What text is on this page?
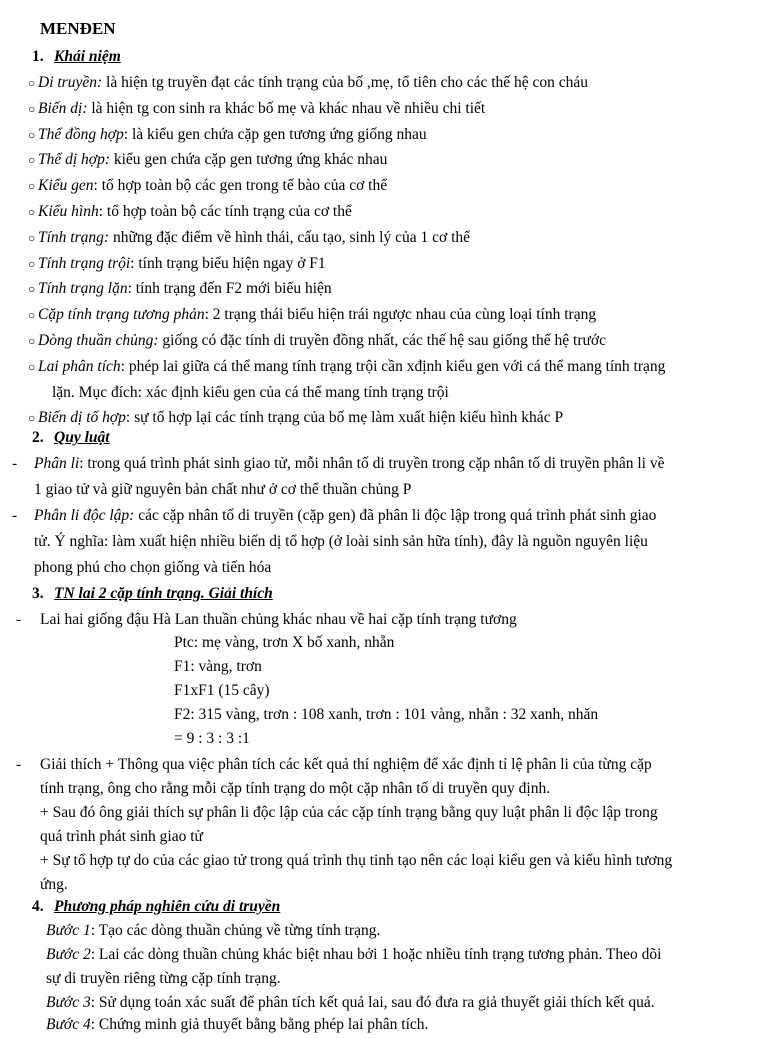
MENĐEN
1. Khái niệm
○ Di truyền: là hiện tg truyền đạt các tính trạng của bố ,mẹ, tổ tiên cho các thế hệ con cháu
○ Biến dị: là hiện tg con sinh ra khác bố mẹ và khác nhau về nhiều chi tiết
○ Thể đồng hợp: là kiểu gen chứa cặp gen tương ứng giống nhau
○ Thể dị hợp: kiểu gen chứa cặp gen tương ứng khác nhau
○ Kiểu gen: tổ hợp toàn bộ các gen trong tế bào của cơ thể
○ Kiểu hình: tổ hợp toàn bộ các tính trạng của cơ thể
○ Tính trạng: những đặc điểm về hình thái, cấu tạo, sinh lý của 1 cơ thể
○ Tính trạng trội: tính trạng biểu hiện ngay ở F1
○ Tính trạng lặn: tính trạng đến F2 mới biểu hiện
○ Cặp tính trạng tương phản: 2 trạng thái biểu hiện trái ngược nhau của cùng loại tính trạng
○ Dòng thuần chủng: giống có đặc tính di truyền đồng nhất, các thế hệ sau giống thế hệ trước
○ Lai phân tích: phép lai giữa cá thể mang tính trạng trội cần xđịnh kiểu gen với cá thể mang tính trạng
lặn. Mục đích: xác định kiểu gen của cá thể mang tính trạng trội
○ Biến dị tổ hợp: sự tổ hợp lại các tính trạng của bố mẹ làm xuất hiện kiểu hình khác P
2. Quy luật
- Phân li: trong quá trình phát sinh giao tử, mỗi nhân tố di truyền trong cặp nhân tố di truyền phân li về
1 giao tử và giữ nguyên bản chất như ở cơ thể thuần chủng P
- Phân li độc lập: các cặp nhân tố di truyền (cặp gen) đã phân li độc lập trong quá trình phát sinh giao
tử. Ý nghĩa: làm xuất hiện nhiều biến dị tổ hợp (ở loài sinh sản hữa tính), đây là nguồn nguyên liệu
phong phú cho chọn giống và tiến hóa
3. TN lai 2 cặp tính trạng. Giải thích
- Lai hai giống đậu Hà Lan thuần chủng khác nhau về hai cặp tính trạng tương
Ptc: mẹ vàng, trơn X bố xanh, nhẵn
F1: vàng, trơn
F1xF1 (15 cây)
F2: 315 vàng, trơn : 108 xanh, trơn : 101 vàng, nhẵn : 32 xanh, nhăn
= 9 : 3 : 3 :1
- Giải thích + Thông qua việc phân tích các kết quả thí nghiệm để xác định tỉ lệ phân li của từng cặp
tính trạng, ông cho rằng mỗi cặp tính trạng do một cặp nhân tố di truyền quy định.
+ Sau đó ông giải thích sự phân li độc lập của các cặp tính trạng bằng quy luật phân li độc lập trong
quá trình phát sinh giao tử
+ Sự tổ hợp tự do của các giao tử trong quá trình thụ tinh tạo nên các loại kiểu gen và kiểu hình tương
ứng.
4. Phương pháp nghiên cứu di truyền
Bước 1: Tạo các dòng thuần chủng về từng tính trạng.
Bước 2: Lai các dòng thuần chủng khác biệt nhau bởi 1 hoặc nhiều tính trạng tương phản. Theo dõi
sự di truyền riêng từng cặp tính trạng.
Bước 3: Sử dụng toán xác suất để phân tích kết quả lai, sau đó đưa ra giả thuyết giải thích kết quả.
Bước 4: Chứng minh giả thuyết bằng bằng phép lai phân tích.
